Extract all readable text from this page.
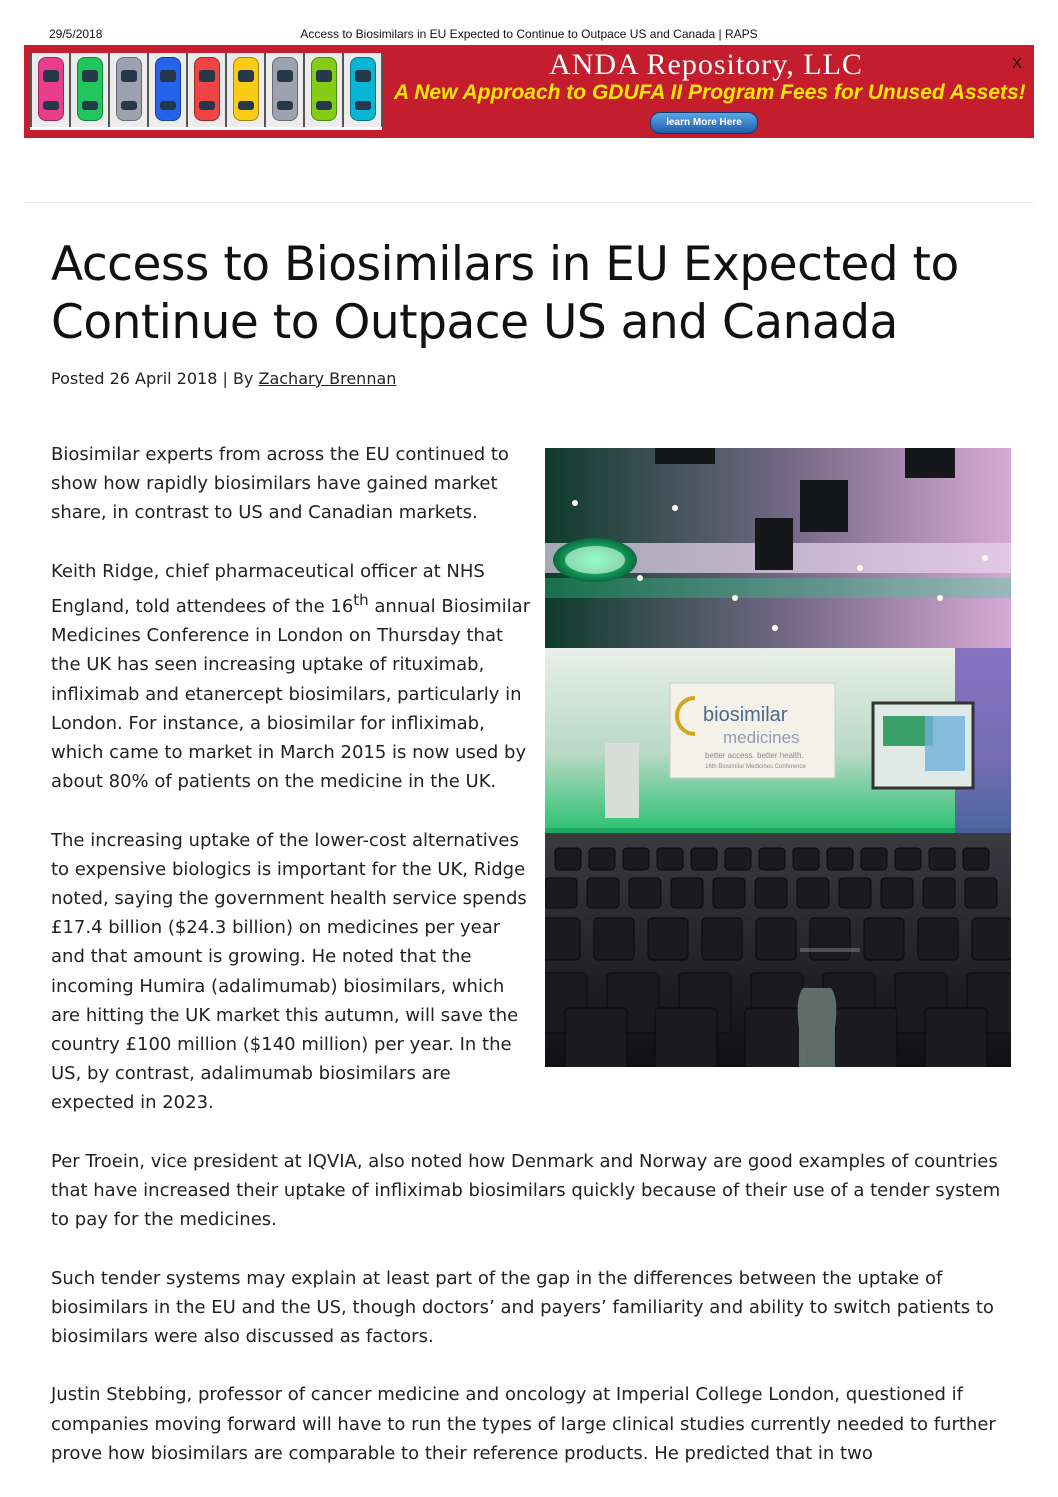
29/5/2018	Access to Biosimilars in EU Expected to Continue to Outpace US and Canada | RAPS
ANDA Repository, LLC
A New Approach to GDUFA II Program Fees for Unused Assets!
learn More Here
X
Access to Biosimilars in EU Expected to Continue to Outpace US and Canada
Posted 26 April 2018 | By Zachary Brennan
biosimilar
medicines
better access. better health.
16th Biosimilar Medicines Conference

Biosimilar experts from across the EU continued to show how rapidly biosimilars have gained market share, in contrast to US and Canadian markets.

Keith Ridge, chief pharmaceutical officer at NHS England, told attendees of the 16th annual Biosimilar Medicines Conference in London on Thursday that the UK has seen increasing uptake of rituximab, infliximab and etanercept biosimilars, particularly in London. For instance, a biosimilar for infliximab, which came to market in March 2015 is now used by about 80% of patients on the medicine in the UK.

The increasing uptake of the lower-cost alternatives to expensive biologics is important for the UK, Ridge noted, saying the government health service spends £17.4 billion ($24.3 billion) on medicines per year and that amount is growing. He noted that the incoming Humira (adalimumab) biosimilars, which are hitting the UK market this autumn, will save the country £100 million ($140 million) per year. In the US, by contrast, adalimumab biosimilars are expected in 2023.

Per Troein, vice president at IQVIA, also noted how Denmark and Norway are good examples of countries that have increased their uptake of infliximab biosimilars quickly because of their use of a tender system to pay for the medicines.

Such tender systems may explain at least part of the gap in the differences between the uptake of biosimilars in the EU and the US, though doctors’ and payers’ familiarity and ability to switch patients to biosimilars were also discussed as factors.

Justin Stebbing, professor of cancer medicine and oncology at Imperial College London, questioned if companies moving forward will have to run the types of large clinical studies currently needed to further prove how biosimilars are comparable to their reference products. He predicted that in two
